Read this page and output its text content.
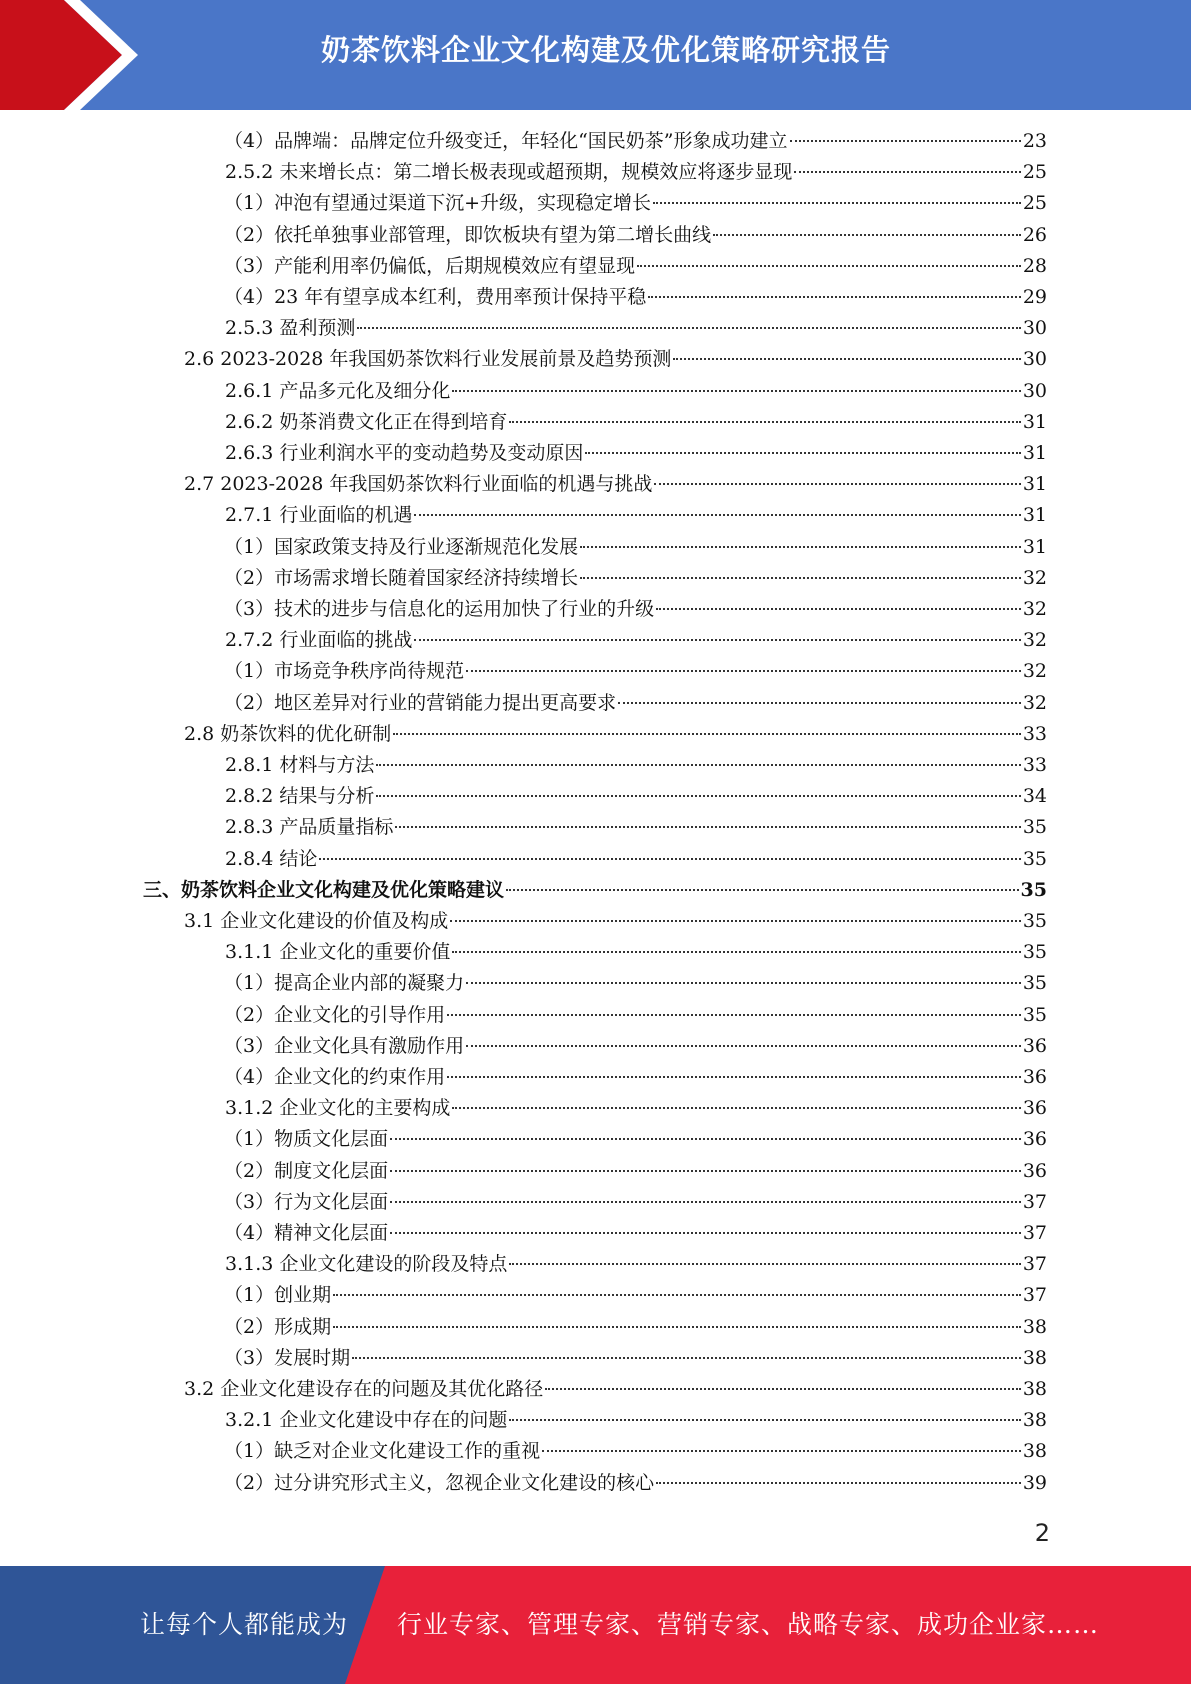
奶茶饮料企业文化构建及优化策略研究报告
（4）品牌端：品牌定位升级变迁，年轻化“国民奶茶”形象成功建立	23
2.5.2 未来增长点：第二增长极表现或超预期，规模效应将逐步显现	25
（1）冲泡有望通过渠道下沉+升级，实现稳定增长	25
（2）依托单独事业部管理，即饮板块有望为第二增长曲线	26
（3）产能利用率仍偏低，后期规模效应有望显现	28
（4）23 年有望享成本红利，费用率预计保持平稳	29
2.5.3 盈利预测	30
2.6 2023-2028 年我国奶茶饮料行业发展前景及趋势预测	30
2.6.1 产品多元化及细分化	30
2.6.2 奶茶消费文化正在得到培育	31
2.6.3 行业利润水平的变动趋势及变动原因	31
2.7 2023-2028 年我国奶茶饮料行业面临的机遇与挑战	31
2.7.1 行业面临的机遇	31
（1）国家政策支持及行业逐渐规范化发展	31
（2）市场需求增长随着国家经济持续增长	32
（3）技术的进步与信息化的运用加快了行业的升级	32
2.7.2 行业面临的挑战	32
（1）市场竞争秩序尚待规范	32
（2）地区差异对行业的营销能力提出更高要求	32
2.8 奶茶饮料的优化研制	33
2.8.1 材料与方法	33
2.8.2 结果与分析	34
2.8.3 产品质量指标	35
2.8.4 结论	35
三、奶茶饮料企业文化构建及优化策略建议	35
3.1 企业文化建设的价值及构成	35
3.1.1 企业文化的重要价值	35
（1）提高企业内部的凝聚力	35
（2）企业文化的引导作用	35
（3）企业文化具有激励作用	36
（4）企业文化的约束作用	36
3.1.2 企业文化的主要构成	36
（1）物质文化层面	36
（2）制度文化层面	36
（3）行为文化层面	37
（4）精神文化层面	37
3.1.3 企业文化建设的阶段及特点	37
（1）创业期	37
（2）形成期	38
（3）发展时期	38
3.2 企业文化建设存在的问题及其优化路径	38
3.2.1 企业文化建设中存在的问题	38
（1）缺乏对企业文化建设工作的重视	38
（2）过分讲究形式主义，忽视企业文化建设的核心	39
2
让每个人都能成为 行业专家、管理专家、营销专家、战略专家、成功企业家……
